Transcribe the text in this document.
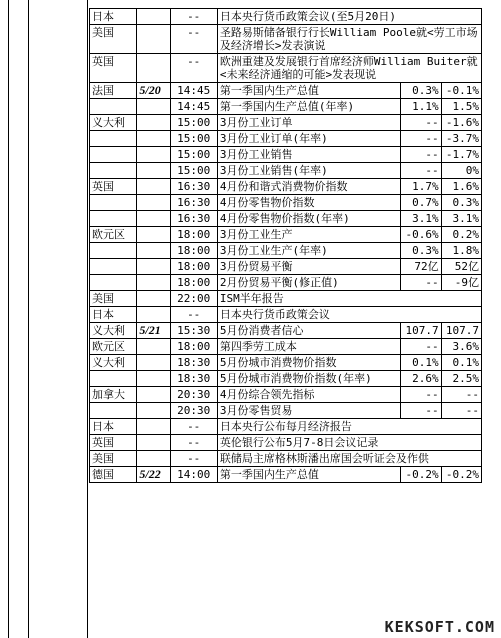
日本		--	日本央行货币政策会议(至5月20日)		
美国		--	圣路易斯储备银行行长William Poole就<劳工市场及经济增长>发表演说		
英国		--	欧洲重建及发展银行首席经济师William Buiter就<未来经济通缩的可能>发表现说		
法国	5/20	14:45	第一季国内生产总值	0.3%	-0.1%
		14:45	第一季国内生产总值(年率)	1.1%	1.5%
义大利		15:00	3月份工业订单	--	-1.6%
		15:00	3月份工业订单(年率)	--	-3.7%
		15:00	3月份工业销售	--	-1.7%
		15:00	3月份工业销售(年率)	--	0%
英国		16:30	4月份和谐式消费物价指数	1.7%	1.6%
		16:30	4月份零售物价指数	0.7%	0.3%
		16:30	4月份零售物价指数(年率)	3.1%	3.1%
欧元区		18:00	3月份工业生产	-0.6%	0.2%
		18:00	3月份工业生产(年率)	0.3%	1.8%
		18:00	3月份贸易平衡	72亿	52亿
		18:00	2月份贸易平衡(修正值)	--	-9亿
美国		22:00	ISM半年报告		
日本		--	日本央行货币政策会议		
义大利	5/21	15:30	5月份消费者信心	107.7	107.7
欧元区		18:00	第四季劳工成本	--	3.6%
义大利		18:30	5月份城市消费物价指数	0.1%	0.1%
		18:30	5月份城市消费物价指数(年率)	2.6%	2.5%
加拿大		20:30	4月份综合领先指标	--	--
		20:30	3月份零售贸易	--	--
日本		--	日本央行公布每月经济报告		
英国		--	英伦银行公布5月7-8日会议记录		
美国		--	联储局主席格林斯潘出席国会听证会及作供		
德国	5/22	14:00	第一季国内生产总值	-0.2%	-0.2%
KEKSOFT.COM
